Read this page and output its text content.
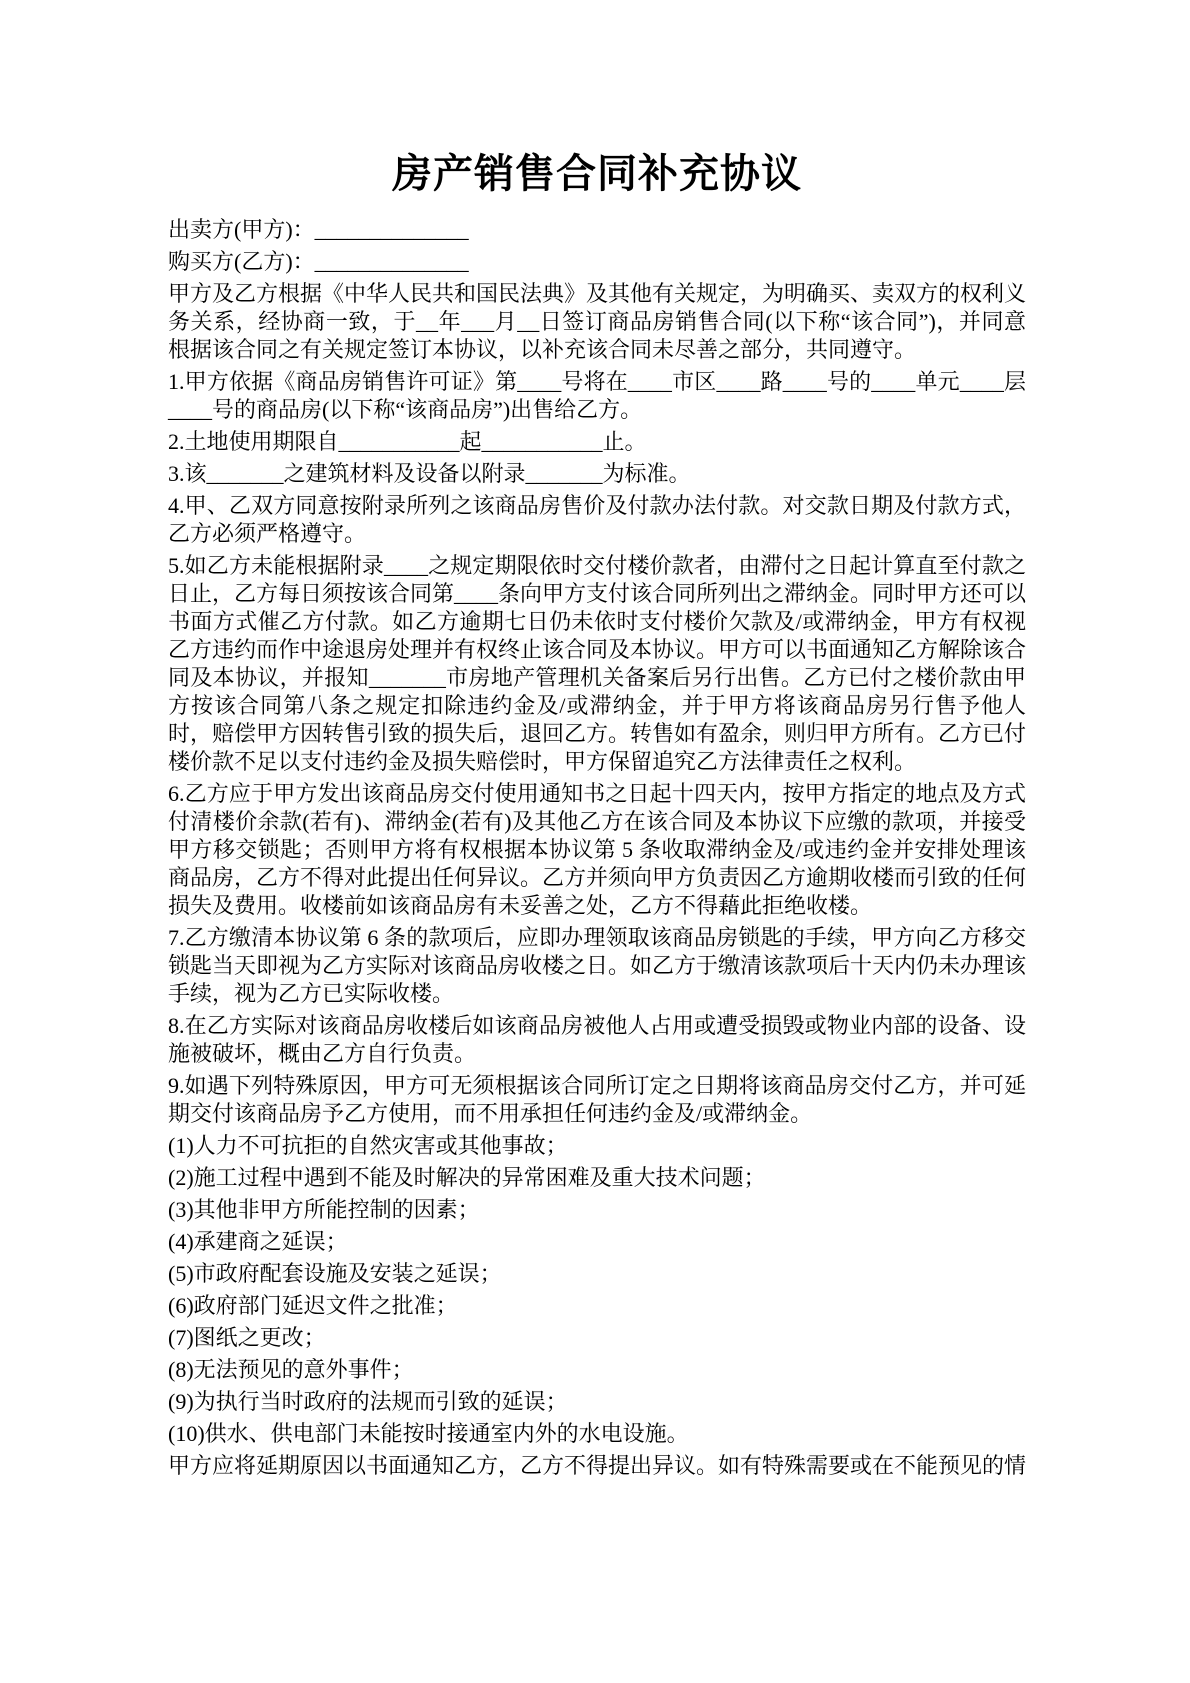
房产销售合同补充协议

出卖方(甲方)：______________

购买方(乙方)：______________

甲方及乙方根据《中华人民共和国民法典》及其他有关规定，为明确买、卖双方的权利义务关系，经协商一致，于__年___月__日签订商品房销售合同(以下称“该合同”)，并同意根据该合同之有关规定签订本协议，以补充该合同未尽善之部分，共同遵守。

1.甲方依据《商品房销售许可证》第____号将在____市区____路____号的____单元____层____号的商品房(以下称“该商品房”)出售给乙方。

2.土地使用期限自___________起___________止。

3.该_______之建筑材料及设备以附录_______为标准。

4.甲、乙双方同意按附录所列之该商品房售价及付款办法付款。对交款日期及付款方式，乙方必须严格遵守。

5.如乙方未能根据附录____之规定期限依时交付楼价款者，由滞付之日起计算直至付款之日止，乙方每日须按该合同第____条向甲方支付该合同所列出之滞纳金。同时甲方还可以书面方式催乙方付款。如乙方逾期七日仍未依时支付楼价欠款及/或滞纳金，甲方有权视乙方违约而作中途退房处理并有权终止该合同及本协议。甲方可以书面通知乙方解除该合同及本协议，并报知_______市房地产管理机关备案后另行出售。乙方已付之楼价款由甲方按该合同第八条之规定扣除违约金及/或滞纳金，并于甲方将该商品房另行售予他人时，赔偿甲方因转售引致的损失后，退回乙方。转售如有盈余，则归甲方所有。乙方已付楼价款不足以支付违约金及损失赔偿时，甲方保留追究乙方法律责任之权利。

6.乙方应于甲方发出该商品房交付使用通知书之日起十四天内，按甲方指定的地点及方式付清楼价余款(若有)、滞纳金(若有)及其他乙方在该合同及本协议下应缴的款项，并接受甲方移交锁匙；否则甲方将有权根据本协议第 5 条收取滞纳金及/或违约金并安排处理该商品房，乙方不得对此提出任何异议。乙方并须向甲方负责因乙方逾期收楼而引致的任何损失及费用。收楼前如该商品房有未妥善之处，乙方不得藉此拒绝收楼。

7.乙方缴清本协议第 6 条的款项后，应即办理领取该商品房锁匙的手续，甲方向乙方移交锁匙当天即视为乙方实际对该商品房收楼之日。如乙方于缴清该款项后十天内仍未办理该手续，视为乙方已实际收楼。

8.在乙方实际对该商品房收楼后如该商品房被他人占用或遭受损毁或物业内部的设备、设施被破坏，概由乙方自行负责。

9.如遇下列特殊原因，甲方可无须根据该合同所订定之日期将该商品房交付乙方，并可延期交付该商品房予乙方使用，而不用承担任何违约金及/或滞纳金。

(1)人力不可抗拒的自然灾害或其他事故；

(2)施工过程中遇到不能及时解决的异常困难及重大技术问题；

(3)其他非甲方所能控制的因素；

(4)承建商之延误；

(5)市政府配套设施及安装之延误；

(6)政府部门延迟文件之批准；

(7)图纸之更改；

(8)无法预见的意外事件；

(9)为执行当时政府的法规而引致的延误；

(10)供水、供电部门未能按时接通室内外的水电设施。

甲方应将延期原因以书面通知乙方，乙方不得提出异议。如有特殊需要或在不能预见的情
